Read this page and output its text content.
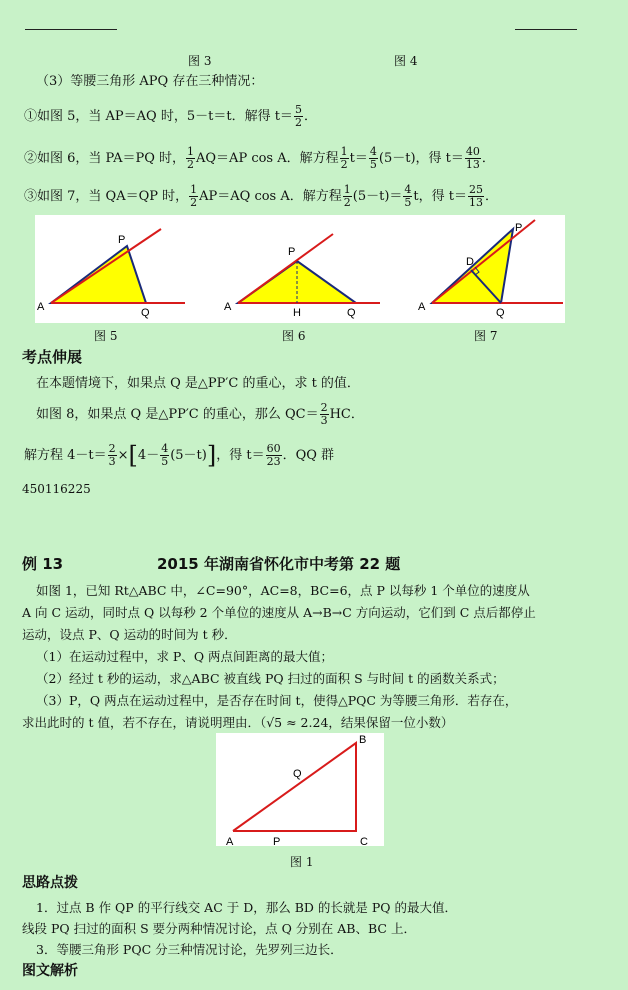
图 3	图 4
（3）等腰三角形 APQ 存在三种情况：
①如图 5，当 AP＝AQ 时，5－t＝t．解得 $t= \frac{5}{2}$ ．
②如图 6，当 PA＝PQ 时， $\frac{1}{2} AQ=AP$ cos A．解方程 $\frac{1}{2} t= \frac{4}{5} (5-t)$，得 $t= \frac{40}{13}$ ．
③如图 7，当 QA＝QP 时， $\frac{1}{2} AP=AQ$ cos A．解方程 $\frac{1}{2} (5-t)= \frac{4}{5}$ t，得 $t= \frac{25}{13}$ ．
A
P
Q	A
P
H	Q	A
P
D
Q
图 5	图 6	图 7
考点伸展
在本题情境下，如果点 Q 是△PP′C 的重心，求 t 的值．
如图 8，如果点 Q 是△PP′C 的重心，那么 $QC= \frac{2}{3}$ HC．
解方程 $4-t= \frac{2}{3} \times[4- \frac{4}{5} (5-t)]$，得 $t= \frac{60}{23}$ ．QQ 群
450116225
例 13	2015 年湖南省怀化市中考第 22 题
如图 1，已知 Rt△ABC 中，∠C=90°，AC=8，BC=6，点 P 以每秒 1 个单位的速度从
A 向 C 运动，同时点 Q 以每秒 2 个单位的速度从 A→B→C 方向运动，它们到 C 点后都停止
运动，设点 P、Q 运动的时间为 t 秒．
（1）在运动过程中，求 P、Q 两点间距离的最大值；
（2）经过 t 秒的运动，求△ABC 被直线 PQ 扫过的面积 S 与时间 t 的函数关系式；
（3）P，Q 两点在运动过程中，是否存在时间 t，使得△PQC 为等腰三角形．若存在，
求出此时的 t 值，若不存在，请说明理由．（√5 ≈ 2.24，结果保留一位小数）
A
B
C
Q
P
图 1
思路点拨
1．过点 B 作 QP 的平行线交 AC 于 D，那么 BD 的长就是 PQ 的最大值．
线段 PQ 扫过的面积 S 要分两种情况讨论，点 Q 分别在 AB、BC 上．
3．等腰三角形 PQC 分三种情况讨论，先罗列三边长．
图文解析
